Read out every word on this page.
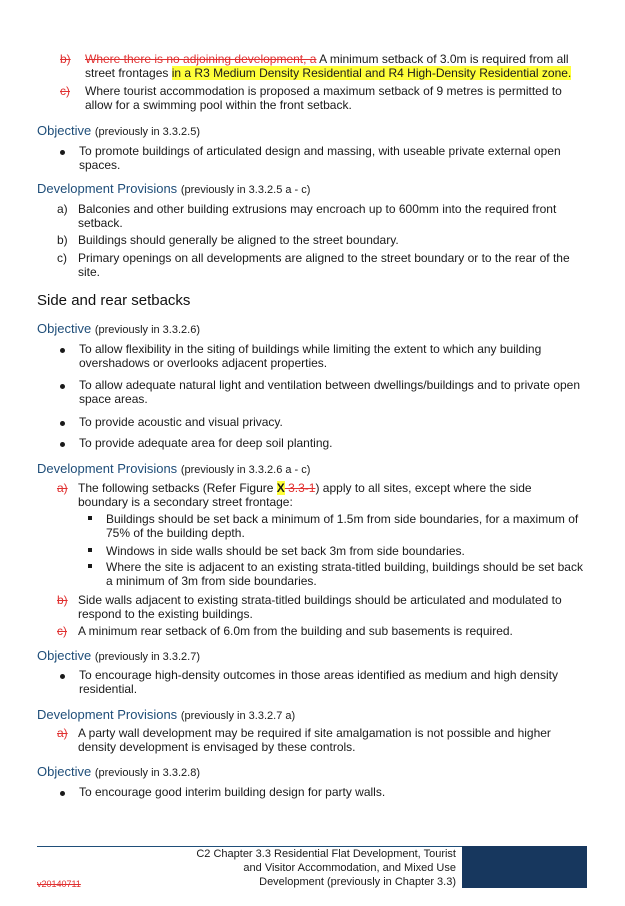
b) Where there is no adjoining development, a A minimum setback of 3.0m is required from all street frontages in a R3 Medium Density Residential and R4 High-Density Residential zone.
c) Where tourist accommodation is proposed a maximum setback of 9 metres is permitted to allow for a swimming pool within the front setback.
Objective (previously in 3.3.2.5)
To promote buildings of articulated design and massing, with useable private external open spaces.
Development Provisions (previously in 3.3.2.5 a - c)
a) Balconies and other building extrusions may encroach up to 600mm into the required front setback.
b) Buildings should generally be aligned to the street boundary.
c) Primary openings on all developments are aligned to the street boundary or to the rear of the site.
Side and rear setbacks
Objective (previously in 3.3.2.6)
To allow flexibility in the siting of buildings while limiting the extent to which any building overshadows or overlooks adjacent properties.
To allow adequate natural light and ventilation between dwellings/buildings and to private open space areas.
To provide acoustic and visual privacy.
To provide adequate area for deep soil planting.
Development Provisions (previously in 3.3.2.6 a - c)
a) The following setbacks (Refer Figure X 3.3-1) apply to all sites, except where the side boundary is a secondary street frontage:
Buildings should be set back a minimum of 1.5m from side boundaries, for a maximum of 75% of the building depth.
Windows in side walls should be set back 3m from side boundaries.
Where the site is adjacent to an existing strata-titled building, buildings should be set back a minimum of 3m from side boundaries.
b) Side walls adjacent to existing strata-titled buildings should be articulated and modulated to respond to the existing buildings.
c) A minimum rear setback of 6.0m from the building and sub basements is required.
Objective (previously in 3.3.2.7)
To encourage high-density outcomes in those areas identified as medium and high density residential.
Development Provisions (previously in 3.3.2.7 a)
a) A party wall development may be required if site amalgamation is not possible and higher density development is envisaged by these controls.
Objective (previously in 3.3.2.8)
To encourage good interim building design for party walls.
C2 Chapter 3.3 Residential Flat Development, Tourist
and Visitor Accommodation, and Mixed Use
Development (previously in Chapter 3.3)
v20140711
